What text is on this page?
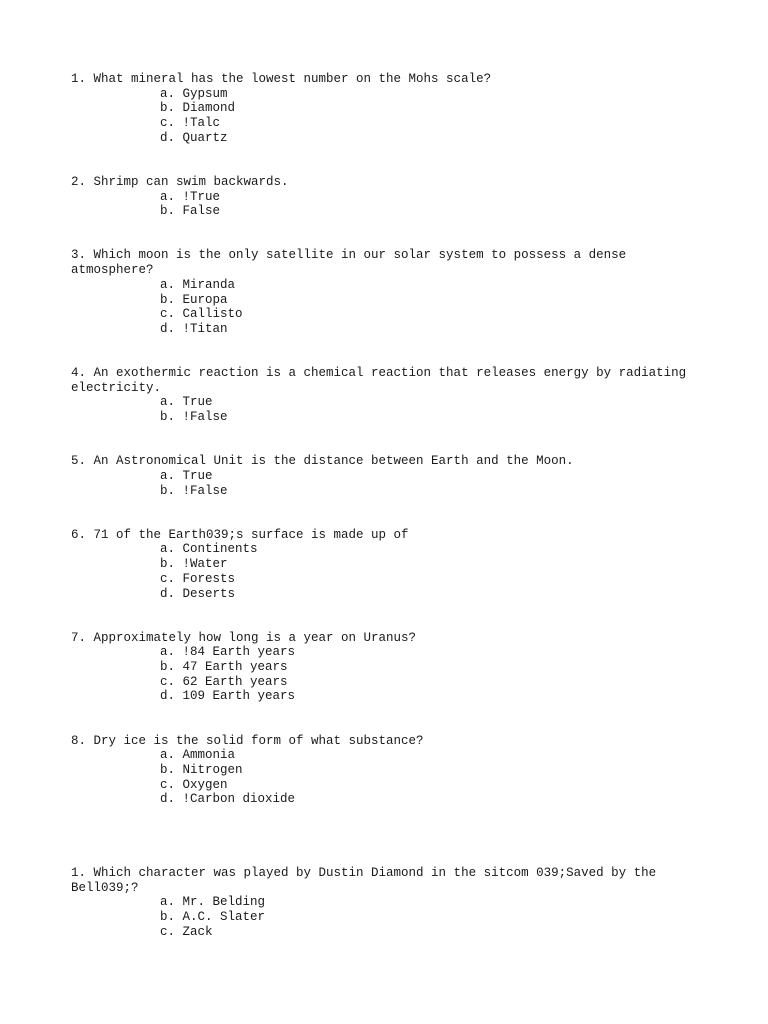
1. What mineral has the lowest number on the Mohs scale?
a. Gypsum
b. Diamond
c. !Talc
d. Quartz
2. Shrimp can swim backwards.
a. !True
b. False
3. Which moon is the only satellite in our solar system to possess a dense atmosphere?
a. Miranda
b. Europa
c. Callisto
d. !Titan
4. An exothermic reaction is a chemical reaction that releases energy by radiating electricity.
a. True
b. !False
5. An Astronomical Unit is the distance between Earth and the Moon.
a. True
b. !False
6. 71 of the Earth039;s surface is made up of
a. Continents
b. !Water
c. Forests
d. Deserts
7. Approximately how long is a year on Uranus?
a. !84 Earth years
b. 47 Earth years
c. 62 Earth years
d. 109 Earth years
8. Dry ice is the solid form of what substance?
a. Ammonia
b. Nitrogen
c. Oxygen
d. !Carbon dioxide
1. Which character was played by Dustin Diamond in the sitcom 039;Saved by the Bell039;?
a. Mr. Belding
b. A.C. Slater
c. Zack
